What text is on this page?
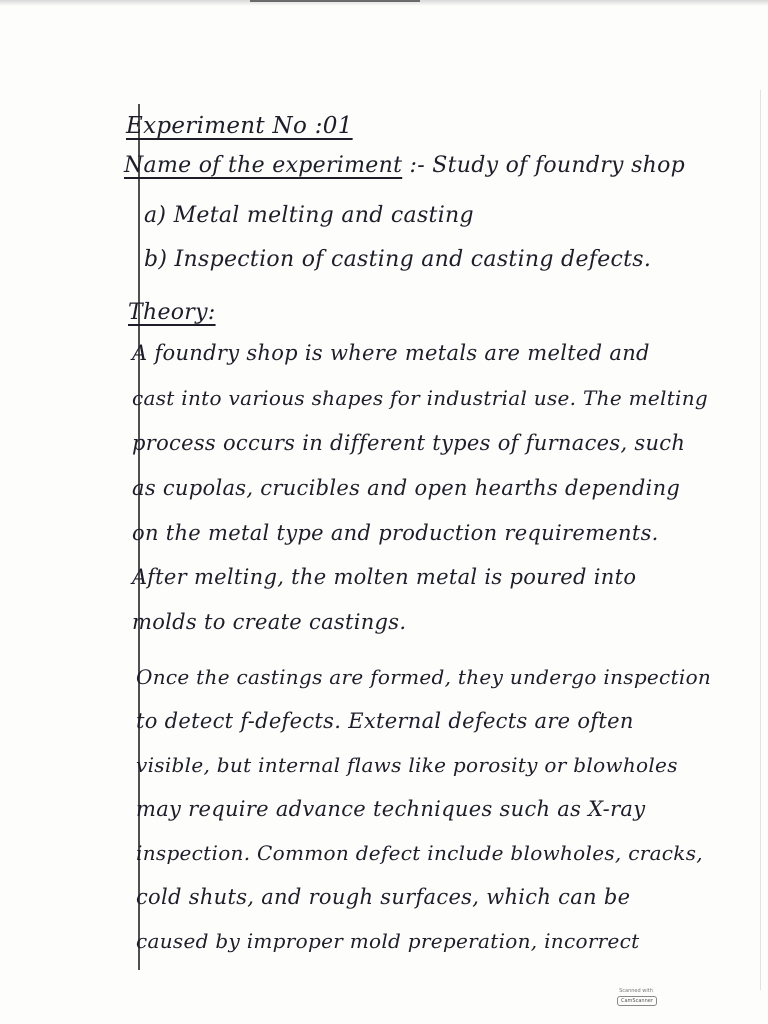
Experiment No :01
Name of the experiment :- Study of foundry shop
a) Metal melting and casting
b) Inspection of casting and casting defects.
Theory:
A foundry shop is where metals are melted and
cast into various shapes for industrial use. The melting
process occurs in different types of furnaces, such
as cupolas, crucibles and open hearths depending
on the metal type and production requirements.
After melting, the molten metal is poured into
molds to create castings.
Once the castings are formed, they undergo inspection
to detect f-defects. External defects are often
visible, but internal flaws like porosity or blowholes
may require advance techniques such as X-ray
inspection. Common defect include blowholes, cracks,
cold shuts, and rough surfaces, which can be
caused by improper mold preperation, incorrect
Scanned with
CamScanner
